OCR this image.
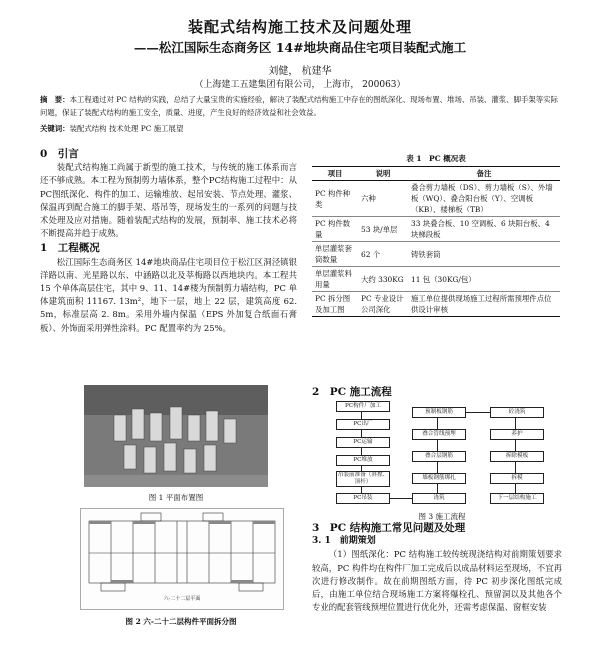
装配式结构施工技术及问题处理
——松江国际生态商务区 14#地块商品住宅项目装配式施工
刘健， 杭建华
（上海建工五建集团有限公司， 上海市， 200063）
摘　要：本工程通过对 PC 结构的实践，总结了大量宝贵的实施经验，解决了装配式结构施工中存在的图纸深化、现场布置、堆场、吊装、灌浆、脚手架等实际问题，保证了装配式结构的施工安全，质量、进度，产生良好的经济效益和社会效益。
关键词：装配式结构 技术处理 PC 施工展望
0　引言
装配式结构施工尚属于新型的施工技术，与传统的施工体系而言还不够成熟。本工程为预制剪力墙体系，整个PC结构施工过程中：从PC图纸深化、构件的加工、运输堆放、起吊安装、节点处理、灌浆、保温再到配合施工的脚手架、塔吊等，现场发生的一系列的问题与技术处理及应对措施。随着装配式结构的发展，预制率、施工技术必将不断提高并趋于成熟。
1　工程概况
松江国际生态商务区 14#地块商品住宅项目位于松江区洞泾镇银洋路以南、光星路以东、中涵路以北及莘梅路以西地块内。本工程共 15 个单体高层住宅，其中 9、11、14#楼为预制剪力墙结构，PC 单体建筑面积 11167. 13m²，地下一层，地上 22 层，建筑高度 62. 5m，标准层高 2. 8m。采用外墙内保温（EPS 外加复合纸面石膏板）、外饰面采用弹性涂料。PC 配置率约为 25%。
图 1 平面布置图
六-二十二层平面
图 2 六-二十二层构件平面拆分图
表 1　PC 概况表
项目	说明	备注
PC 构件种类	六种	叠合剪力墙板（DS）、剪力墙板（S）、外墙板（WQ）、叠合阳台板（Y）、空调板（KB）、楼梯板（TB）
PC 构件数量	53 块/单层	33 块叠合板、10 空调板、6 块阳台板、4 块梯段板
单层灌浆套筒数量	62 个	铸铁套筒
单层灌浆料用量	大约 330KG	11 包（30KG/包）
PC 拆分图及加工图	PC 专业设计公司深化	施工单位提供现场施工过程所需预埋件点位供设计审核
2　PC 施工流程
PC构件厂加工
PC出厂
PC运输
PC堆放
吊装前准备（斜撑、顶杆）
PC吊装
预制板钢筋
叠合管线预埋
叠合层钢筋
墙板钢筋绑扎
浇筑
砼浇筑
养护
拆除模板
拆模
下一层结构施工
图 3 施工流程
3　PC 结构施工常见问题及处理
3. 1　前期策划
（1）图纸深化：PC 结构施工较传统现浇结构对前期策划要求较高，PC 构件均在构件厂加工完成后以成品材料运至现场，不宜再次进行修改制作。故在前期图纸方面，待 PC 初步深化图纸完成后，由施工单位结合现场施工方案将爆栓孔、预留洞以及其他各个专业的配套管线预埋位置进行优化外，还需考虑保温、窗框安装
